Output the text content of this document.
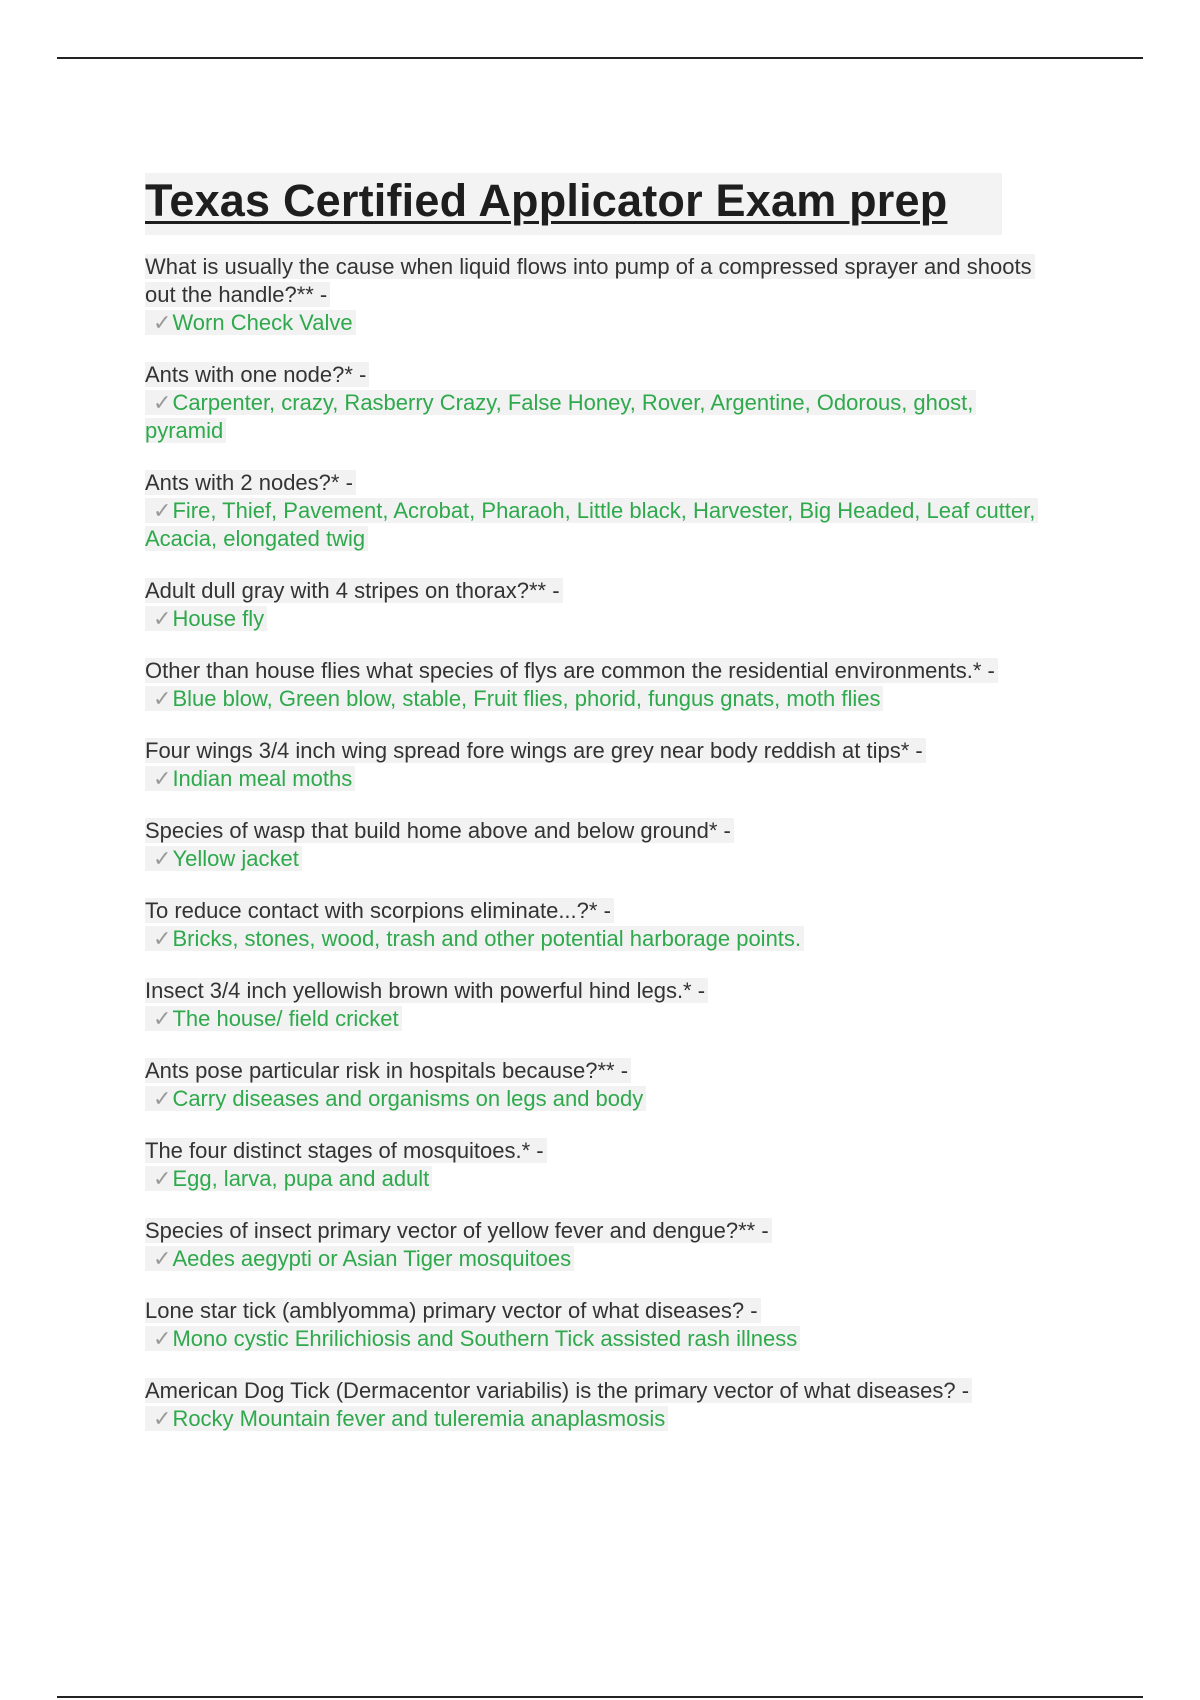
Texas Certified Applicator Exam prep
What is usually the cause when liquid flows into pump of a compressed sprayer and shoots out the handle?** -
✓Worn Check Valve
Ants with one node?* -
✓Carpenter, crazy, Rasberry Crazy, False Honey, Rover, Argentine, Odorous, ghost, pyramid
Ants with 2 nodes?* -
✓Fire, Thief, Pavement, Acrobat, Pharaoh, Little black, Harvester, Big Headed, Leaf cutter, Acacia, elongated twig
Adult dull gray with 4 stripes on thorax?** -
✓House fly
Other than house flies what species of flys are common the residential environments.* -
✓Blue blow, Green blow, stable, Fruit flies, phorid, fungus gnats, moth flies
Four wings 3/4 inch wing spread fore wings are grey near body reddish at tips* -
✓Indian meal moths
Species of wasp that build home above and below ground* -
✓Yellow jacket
To reduce contact with scorpions eliminate...?* -
✓Bricks, stones, wood, trash and other potential harborage points.
Insect 3/4 inch yellowish brown with powerful hind legs.* -
✓The house/ field cricket
Ants pose particular risk in hospitals because?** -
✓Carry diseases and organisms on legs and body
The four distinct stages of mosquitoes.* -
✓Egg, larva, pupa and adult
Species of insect primary vector of yellow fever and dengue?** -
✓Aedes aegypti or Asian Tiger mosquitoes
Lone star tick (amblyomma) primary vector of what diseases? -
✓Mono cystic Ehrilichiosis and Southern Tick assisted rash illness
American Dog Tick (Dermacentor variabilis) is the primary vector of what diseases? -
✓Rocky Mountain fever and tuleremia anaplasmosis
